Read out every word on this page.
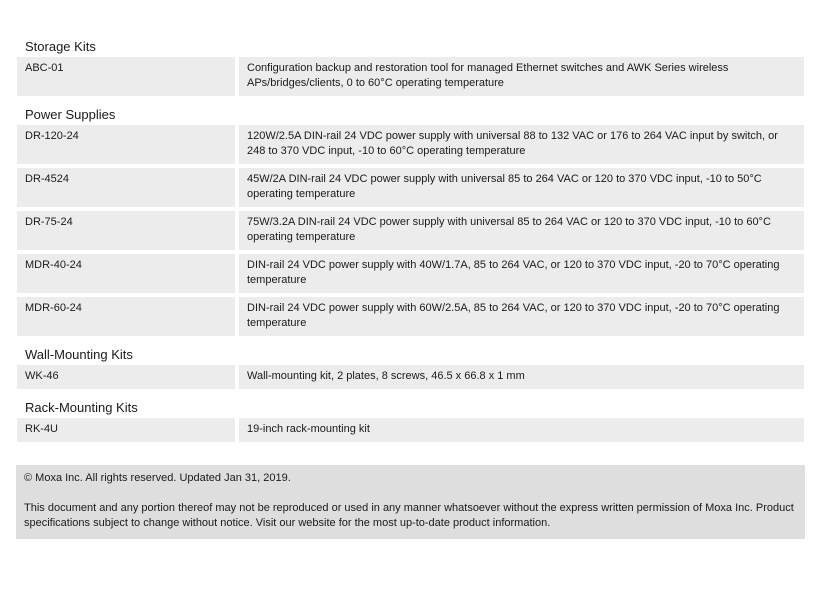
Storage Kits
ABC-01	Configuration backup and restoration tool for managed Ethernet switches and AWK Series wireless APs/bridges/clients, 0 to 60°C operating temperature
Power Supplies
DR-120-24	120W/2.5A DIN-rail 24 VDC power supply with universal 88 to 132 VAC or 176 to 264 VAC input by switch, or 248 to 370 VDC input, -10 to 60°C operating temperature
DR-4524	45W/2A DIN-rail 24 VDC power supply with universal 85 to 264 VAC or 120 to 370 VDC input, -10 to 50°C operating temperature
DR-75-24	75W/3.2A DIN-rail 24 VDC power supply with universal 85 to 264 VAC or 120 to 370 VDC input, -10 to 60°C operating temperature
MDR-40-24	DIN-rail 24 VDC power supply with 40W/1.7A, 85 to 264 VAC, or 120 to 370 VDC input, -20 to 70°C operating temperature
MDR-60-24	DIN-rail 24 VDC power supply with 60W/2.5A, 85 to 264 VAC, or 120 to 370 VDC input, -20 to 70°C operating temperature
Wall-Mounting Kits
WK-46	Wall-mounting kit, 2 plates, 8 screws, 46.5 x 66.8 x 1 mm
Rack-Mounting Kits
RK-4U	19-inch rack-mounting kit
© Moxa Inc. All rights reserved. Updated Jan 31, 2019.
This document and any portion thereof may not be reproduced or used in any manner whatsoever without the express written permission of Moxa Inc. Product specifications subject to change without notice. Visit our website for the most up-to-date product information.
